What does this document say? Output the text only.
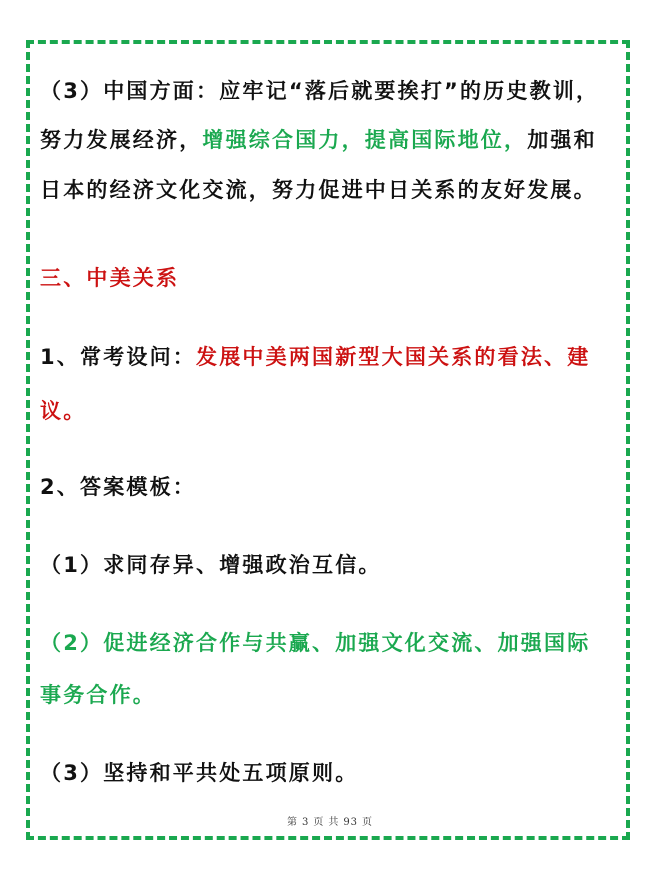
（3）中国方面：应牢记“落后就要挨打”的历史教训，
努力发展经济，增强综合国力，提高国际地位，加强和
日本的经济文化交流，努力促进中日关系的友好发展。
三、中美关系
1、常考设问：发展中美两国新型大国关系的看法、建
议。
2、答案模板：
（1）求同存异、增强政治互信。
（2）促进经济合作与共赢、加强文化交流、加强国际
事务合作。
（3）坚持和平共处五项原则。
第 3 页 共 93 页
